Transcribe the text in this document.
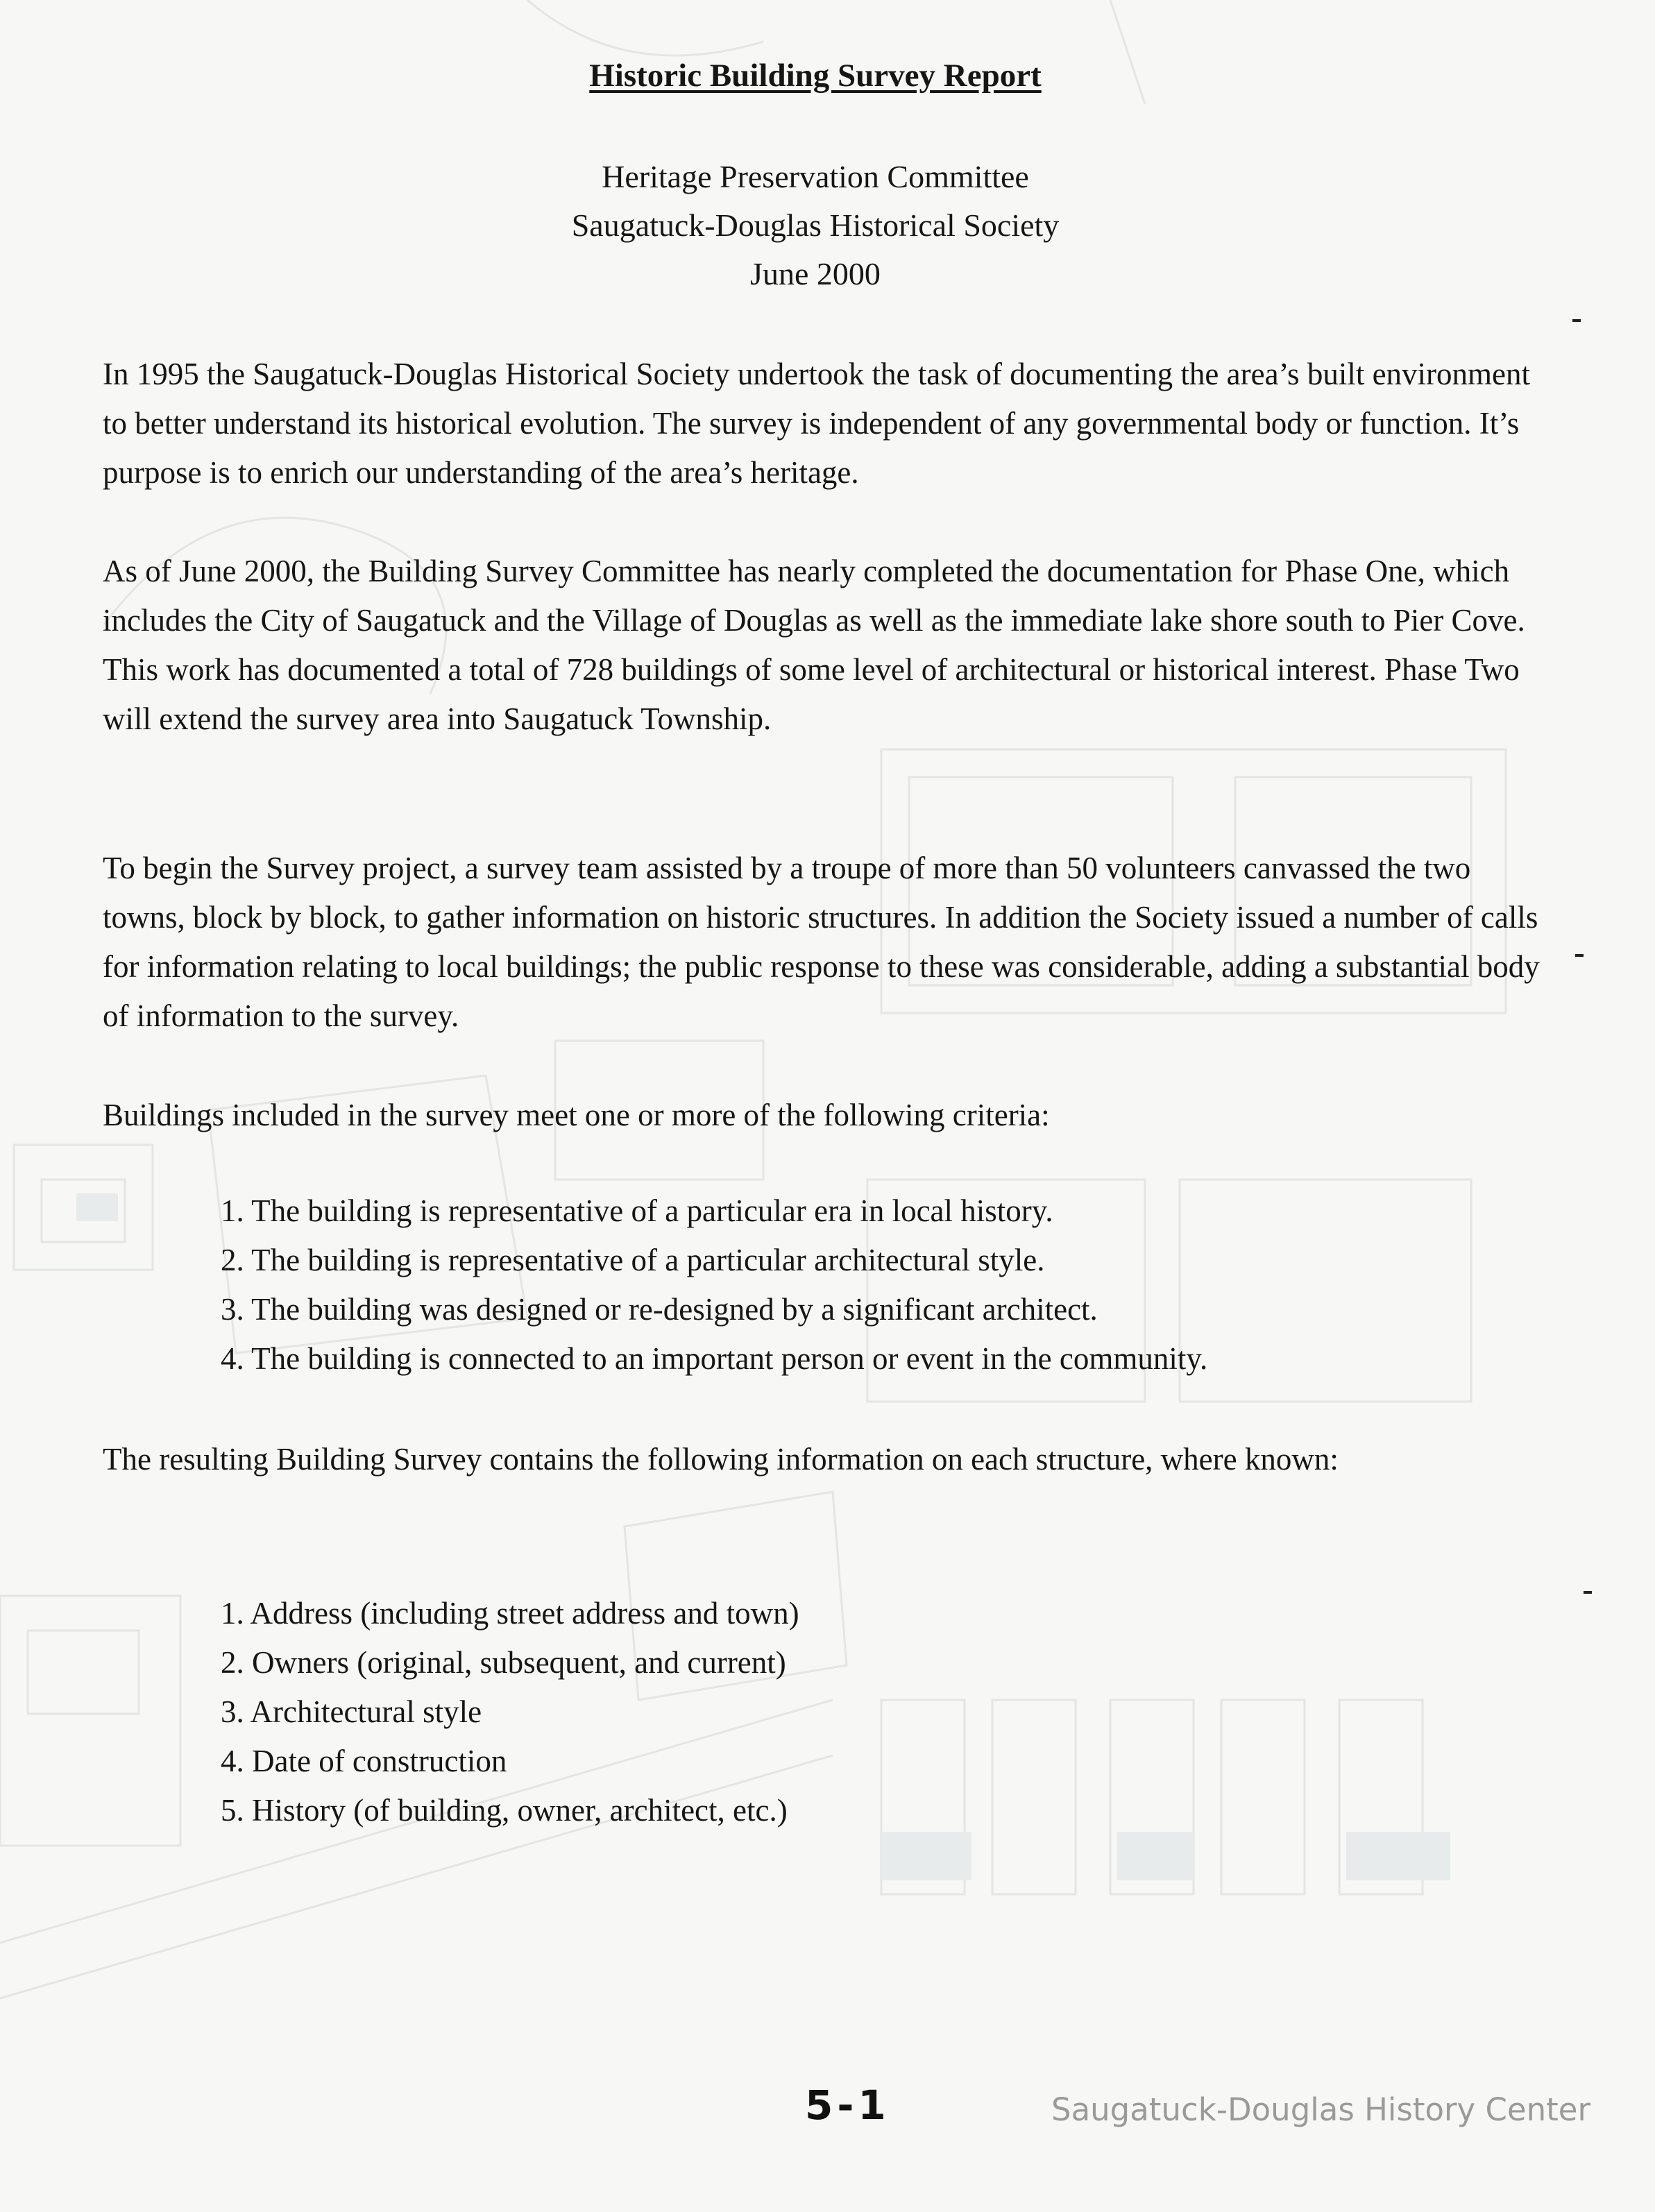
Historic Building Survey Report

Heritage Preservation Committee

Saugatuck-Douglas Historical Society

June 2000

In 1995 the Saugatuck-Douglas Historical Society undertook the task of documenting the area’s built environment to better understand its historical evolution. The survey is independent of any governmental body or function. It’s purpose is to enrich our understanding of the area’s heritage.

As of June 2000, the Building Survey Committee has nearly completed the documentation for Phase One, which includes the City of Saugatuck and the Village of Douglas as well as the immediate lake shore south to Pier Cove. This work has documented a total of 728 buildings of some level of architectural or historical interest. Phase Two will extend the survey area into Saugatuck Township.

To begin the Survey project, a survey team assisted by a troupe of more than 50 volunteers canvassed the two towns, block by block, to gather information on historic structures. In addition the Society issued a number of calls for information relating to local buildings; the public response to these was considerable, adding a substantial body of information to the survey.

Buildings included in the survey meet one or more of the following criteria:

1. The building is representative of a particular era in local history.
2. The building is representative of a particular architectural style.
3. The building was designed or re-designed by a significant architect.
4. The building is connected to an important person or event in the community.

The resulting Building Survey contains the following information on each structure, where known:

1. Address (including street address and town)
2. Owners (original, subsequent, and current)
3. Architectural style
4. Date of construction
5. History (of building, owner, architect, etc.)
5-1	Saugatuck-Douglas History Center
